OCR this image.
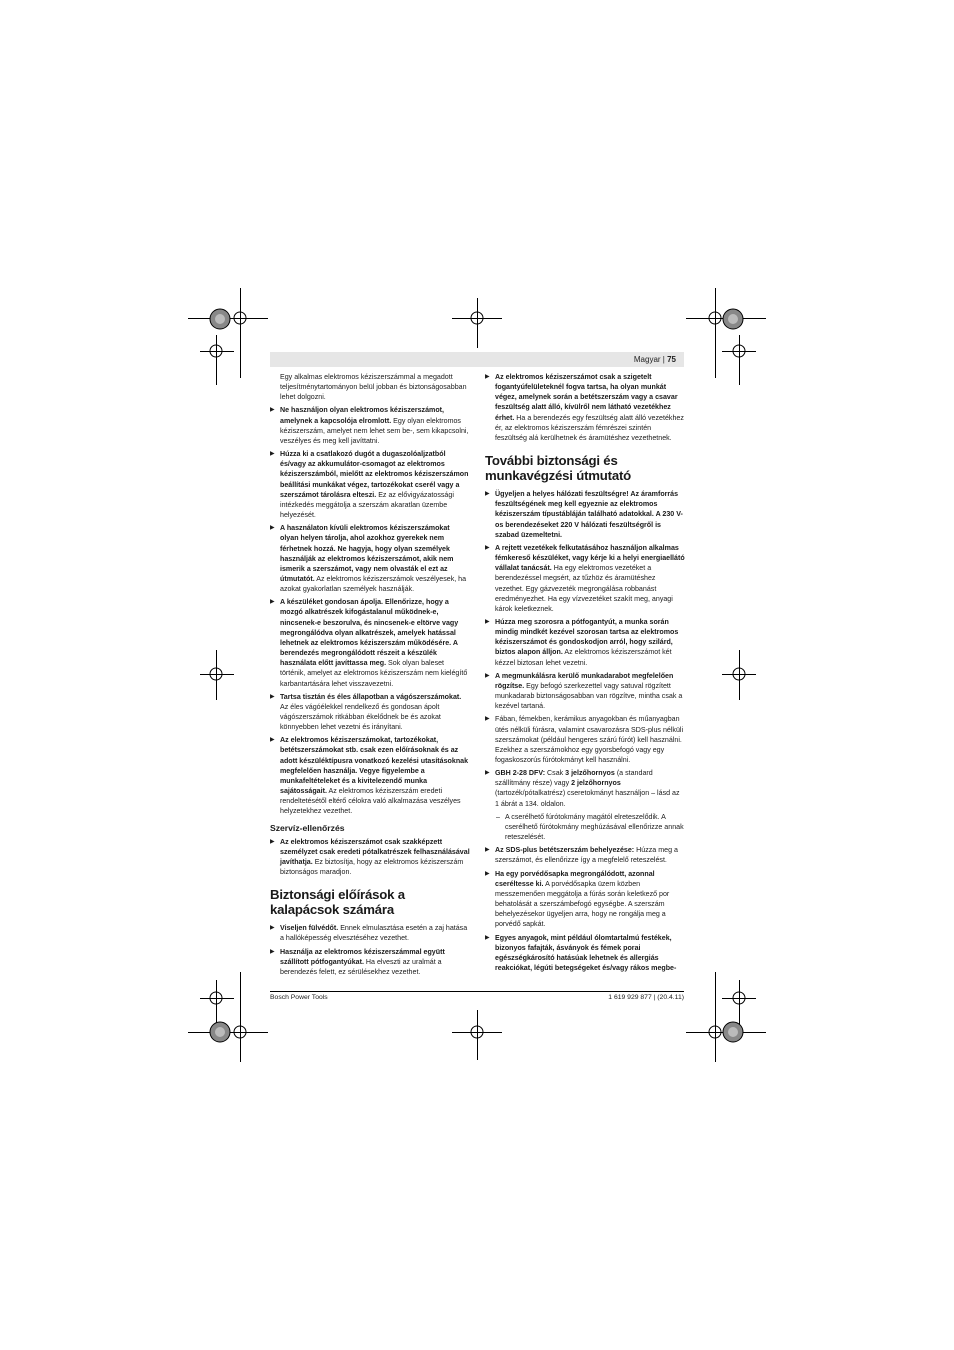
Magyar | 75

Egy alkalmas elektromos kéziszerszámmal a megadott teljesítménytartományon belül jobban és biztonságosabban lehet dolgozni.

▶ Ne használjon olyan elektromos kéziszerszámot, amelynek a kapcsolója elromlott. Egy olyan elektromos kéziszerszám, amelyet nem lehet sem be-, sem kikapcsolni, veszélyes és meg kell javíttatni.
▶ Húzza ki a csatlakozó dugót a dugaszolóaljzatból és/vagy az akkumulátor-csomagot az elektromos kéziszerszámból, mielőtt az elektromos kéziszerszámon beállítási munkákat végez, tartozékokat cserél vagy a szerszámot tárolásra elteszi. Ez az elővigyázatossági intézkedés meggátolja a szerszám akaratlan üzembe helyezését.
▶ A használaton kívüli elektromos kéziszerszámokat olyan helyen tárolja, ahol azokhoz gyerekek nem férhetnek hozzá. Ne hagyja, hogy olyan személyek használják az elektromos kéziszerszámot, akik nem ismerik a szerszámot, vagy nem olvasták el ezt az útmutatót. Az elektromos kéziszerszámok veszélyesek, ha azokat gyakorlatlan személyek használják.
▶ A készüléket gondosan ápolja. Ellenőrizze, hogy a mozgó alkatrészek kifogástalanul működnek-e, nincsenek-e beszorulva, és nincsenek-e eltörve vagy megrongálódva olyan alkatrészek, amelyek hatással lehetnek az elektromos kéziszerszám működésére. A berendezés megrongálódott részeit a készülék használata előtt javíttassa meg. Sok olyan baleset történik, amelyet az elektromos kéziszerszám nem kielégítő karbantartására lehet visszavezetni.
▶ Tartsa tisztán és éles állapotban a vágószerszámokat. Az éles vágóélekkel rendelkező és gondosan ápolt vágószerszámok ritkábban ékelődnek be és azokat könnyebben lehet vezetni és irányítani.
▶ Az elektromos kéziszerszámokat, tartozékokat, betétszerszámokat stb. csak ezen előírásoknak és az adott készüléktípusra vonatkozó kezelési utasításoknak megfelelően használja. Vegye figyelembe a munkafeltételeket és a kivitelezendő munka sajátosságait. Az elektromos kéziszerszám eredeti rendeltetésétől eltérő célokra való alkalmazása veszélyes helyzetekhez vezethet.
Szervíz-ellenőrzés
▶ Az elektromos kéziszerszámot csak szakképzett személyzet csak eredeti pótalkatrészek felhasználásával javíthatja. Ez biztosítja, hogy az elektromos kéziszerszám biztonságos maradjon.
Biztonsági előírások a kalapácsok számára
▶ Viseljen fülvédőt. Ennek elmulasztása esetén a zaj hatása a hallóképesség elvesztéséhez vezethet.
▶ Használja az elektromos kéziszerszámmal együtt szállított pótfogantyúkat. Ha elveszti az uralmát a berendezés felett, ez sérülésekhez vezethet.
▶ Az elektromos kéziszerszámot csak a szigetelt fogantyúfelületeknél fogva tartsa, ha olyan munkát végez, amelynek során a betétszerszám vagy a csavar feszültség alatt álló, kívülről nem látható vezetékhez érhet. Ha a berendezés egy feszültség alatt álló vezetékhez ér, az elektromos kéziszerszám fémrészei szintén feszültség alá kerülhetnek és áramütéshez vezethetnek.
További biztonsági és munkavégzési útmutató
▶ Ügyeljen a helyes hálózati feszültségre! Az áramforrás feszültségének meg kell egyeznie az elektromos kéziszerszám típustábláján található adatokkal. A 230 V-os berendezéseket 220 V hálózati feszültségről is szabad üzemeltetni.
▶ A rejtett vezetékek felkutatásához használjon alkalmas fémkereső készüléket, vagy kérje ki a helyi energiaellátó vállalat tanácsát. Ha egy elektromos vezetéket a berendezéssel megsért, az tűzhöz és áramütéshez vezethet. Egy gázvezeték megrongálása robbanást eredményezhet. Ha egy vízvezetéket szakít meg, anyagi károk keletkeznek.
▶ Húzza meg szorosra a pótfogantyút, a munka során mindig mindkét kezével szorosan tartsa az elektromos kéziszerszámot és gondoskodjon arról, hogy szilárd, biztos alapon álljon. Az elektromos kéziszerszámot két kézzel biztosan lehet vezetni.
▶ A megmunkálásra kerülő munkadarabot megfelelően rögzítse. Egy befogó szerkezettel vagy satuval rögzített munkadarab biztonságosabban van rögzítve, mintha csak a kezével tartaná.
▶ Fában, fémekben, kerámikus anyagokban és műanyagban ütés nélküli fúrásra, valamint csavarozásra SDS-plus nélküli szerszámokat (például hengeres szárú fúrót) kell használni. Ezekhez a szerszámokhoz egy gyorsbefogó vagy egy fogaskoszorús fúrótokmányt kell használni.
▶ GBH 2-28 DFV: Csak 3 jelzőhornyos (a standard szállítmány része) vagy 2 jelzőhornyos (tartozék/pótalkatrész) cseretokmányt használjon – lásd az 1 ábrát a 134. oldalon.
– A cserélhető fúrótokmány magától elreteszelődik. A cserélhető fúrótokmány meghúzásával ellenőrizze annak reteszelését.
▶ Az SDS-plus betétszerszám behelyezése: Húzza meg a szerszámot, és ellenőrizze így a megfelelő reteszelést.
▶ Ha egy porvédősapka megrongálódott, azonnal cseréltesse ki. A porvédősapka üzem közben messzemenően meggátolja a fúrás során keletkező por behatolását a szerszámbefogó egységbe. A szerszám behelyezésekor ügyeljen arra, hogy ne rongálja meg a porvédő sapkát.
▶ Egyes anyagok, mint például ólomtartalmú festékek, bizonyos fafajták, ásványok és fémek porai egészségkárosító hatásúak lehetnek és allergiás reakciókat, légúti betegségeket és/vagy rákos megbe-
Bosch Power Tools	1 619 929 877 | (20.4.11)
